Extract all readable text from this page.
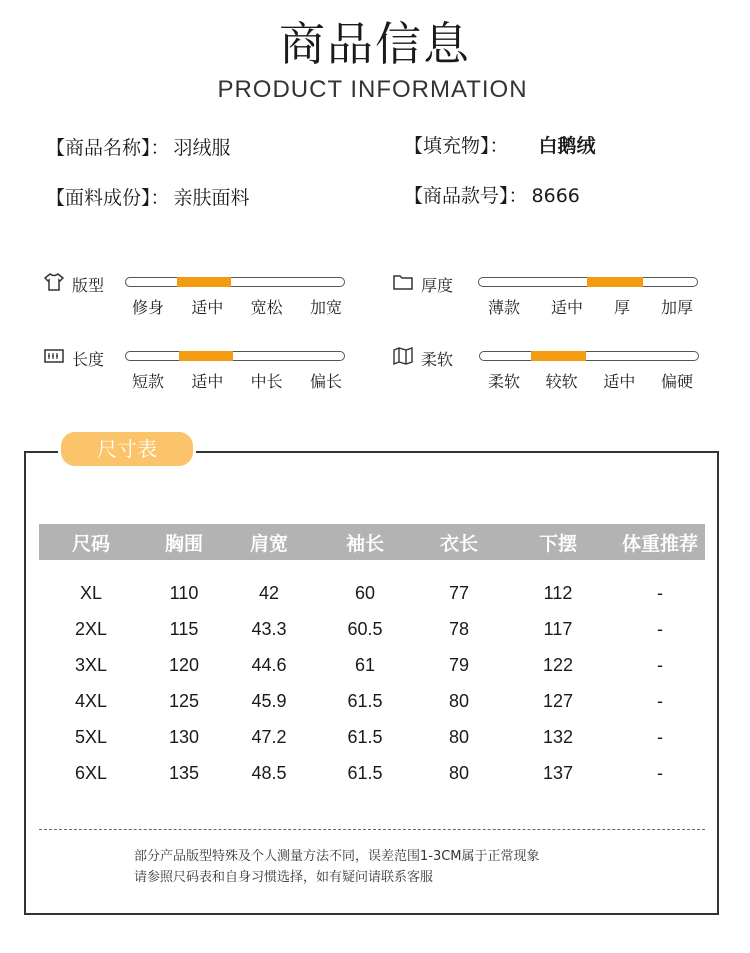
商品信息
PRODUCT INFORMATION
【商品名称】： 羽绒服	【填充物】： 白鹅绒
【面料成份】： 亲肤面料	【商品款号】： 8666
版型
修身 适中 宽松 加宽
厚度
薄款 适中 厚 加厚
长度
短款 适中 中长 偏长
柔软
柔软 较软 适中 偏硬
尺寸表
尺码	胸围	肩宽	袖长	衣长	下摆	体重推荐
XL	110	42	60	77	112	-
2XL	115	43.3	60.5	78	117	-
3XL	120	44.6	61	79	122	-
4XL	125	45.9	61.5	80	127	-
5XL	130	47.2	61.5	80	132	-
6XL	135	48.5	61.5	80	137	-
部分产品版型特殊及个人测量方法不同，误差范围1-3CM属于正常现象
请参照尺码表和自身习惯选择，如有疑问请联系客服
